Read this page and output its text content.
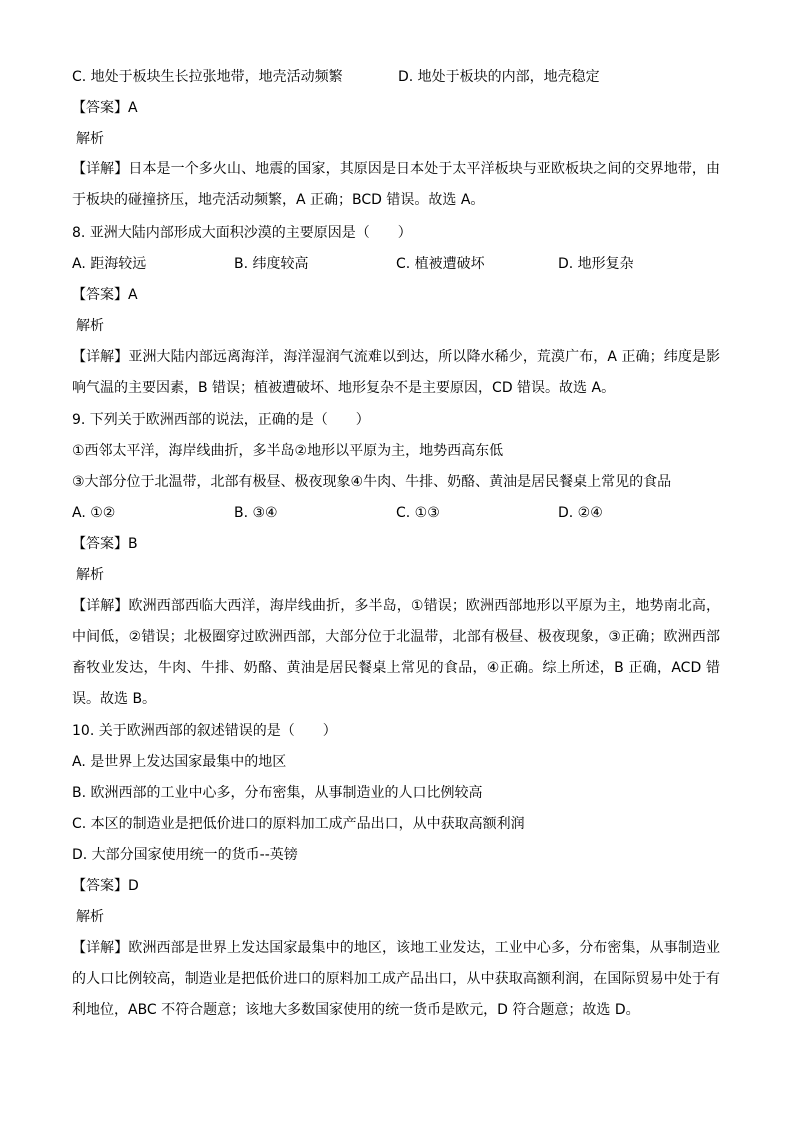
C. 地处于板块生长拉张地带，地壳活动频繁	D. 地处于板块的内部，地壳稳定
【答案】A
解析
【详解】日本是一个多火山、地震的国家，其原因是日本处于太平洋板块与亚欧板块之间的交界地带，由于板块的碰撞挤压，地壳活动频繁，A 正确；BCD 错误。故选 A。
8. 亚洲大陆内部形成大面积沙漠的主要原因是（　　）
A. 距海较远	B. 纬度较高	C. 植被遭破坏	D. 地形复杂
【答案】A
解析
【详解】亚洲大陆内部远离海洋，海洋湿润气流难以到达，所以降水稀少，荒漠广布，A 正确；纬度是影响气温的主要因素，B 错误；植被遭破坏、地形复杂不是主要原因，CD 错误。故选 A。
9. 下列关于欧洲西部的说法，正确的是（　　）
①西邻太平洋，海岸线曲折，多半岛②地形以平原为主，地势西高东低
③大部分位于北温带，北部有极昼、极夜现象④牛肉、牛排、奶酪、黄油是居民餐桌上常见的食品
A. ①②	B. ③④	C. ①③	D. ②④
【答案】B
解析
【详解】欧洲西部西临大西洋，海岸线曲折，多半岛，①错误；欧洲西部地形以平原为主，地势南北高，中间低，②错误；北极圈穿过欧洲西部，大部分位于北温带，北部有极昼、极夜现象，③正确；欧洲西部畜牧业发达，牛肉、牛排、奶酪、黄油是居民餐桌上常见的食品，④正确。综上所述，B 正确，ACD 错误。故选 B。
10. 关于欧洲西部的叙述错误的是（　　）
A. 是世界上发达国家最集中的地区
B. 欧洲西部的工业中心多，分布密集，从事制造业的人口比例较高
C. 本区的制造业是把低价进口的原料加工成产品出口，从中获取高额利润
D. 大部分国家使用统一的货币--英镑
【答案】D
解析
【详解】欧洲西部是世界上发达国家最集中的地区，该地工业发达，工业中心多，分布密集，从事制造业的人口比例较高，制造业是把低价进口的原料加工成产品出口，从中获取高额利润，在国际贸易中处于有利地位，ABC 不符合题意；该地大多数国家使用的统一货币是欧元，D 符合题意；故选 D。
